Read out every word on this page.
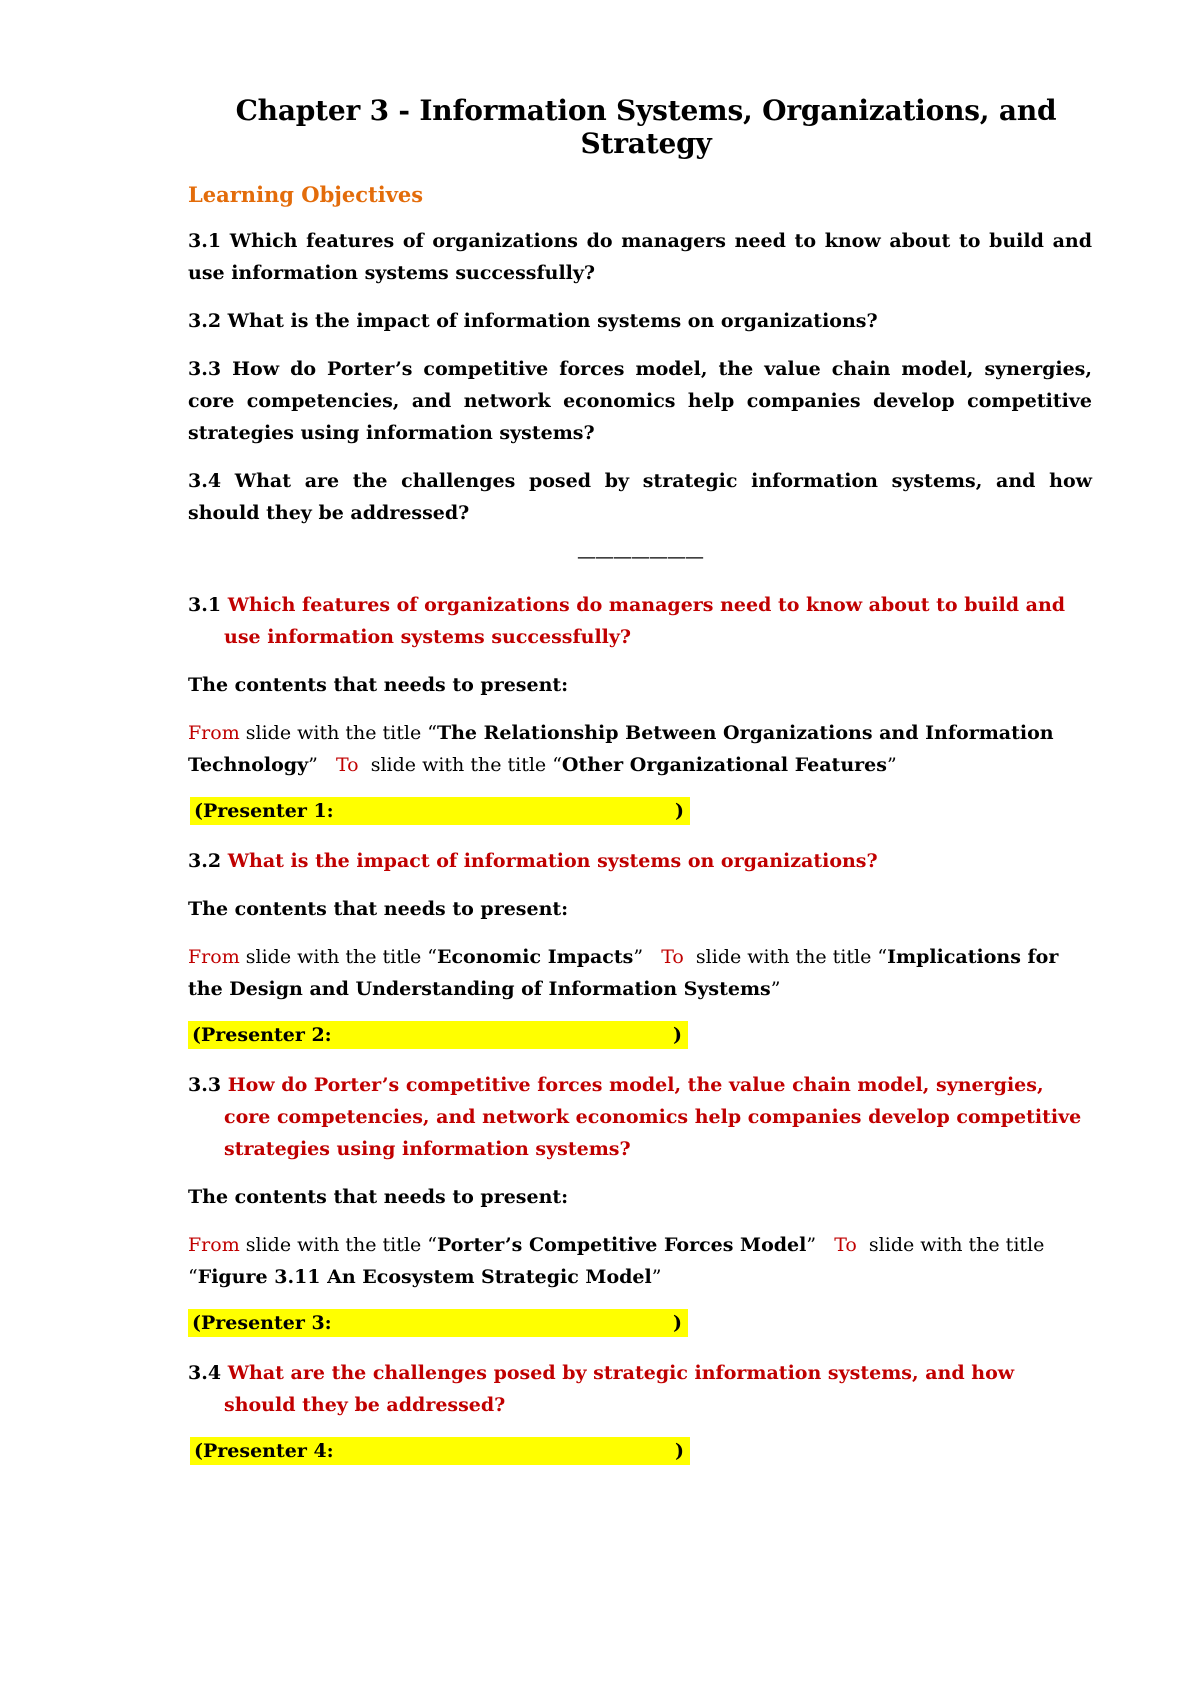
Chapter 3 - Information Systems, Organizations, and Strategy
Learning Objectives

3.1 Which features of organizations do managers need to know about to build and use information systems successfully?

3.2 What is the impact of information systems on organizations?

3.3 How do Porter’s competitive forces model, the value chain model, synergies, core competencies, and network economics help companies develop competitive strategies using information systems?

3.4 What are the challenges posed by strategic information systems, and how should they be addressed?

———————
3.1 Which features of organizations do managers need to know about to build and use information systems successfully?
The contents that needs to present:
From slide with the title “The Relationship Between Organizations and Information Technology” To slide with the title “Other Organizational Features”
(Presenter 1:	)
3.2 What is the impact of information systems on organizations?
The contents that needs to present:
From slide with the title “Economic Impacts” To slide with the title “Implications for the Design and Understanding of Information Systems”
(Presenter 2:	)
3.3 How do Porter’s competitive forces model, the value chain model, synergies, core competencies, and network economics help companies develop competitive strategies using information systems?
The contents that needs to present:
From slide with the title “Porter’s Competitive Forces Model” To slide with the title “Figure 3.11 An Ecosystem Strategic Model”
(Presenter 3:	)
3.4 What are the challenges posed by strategic information systems, and how should they be addressed?
(Presenter 4:	)
